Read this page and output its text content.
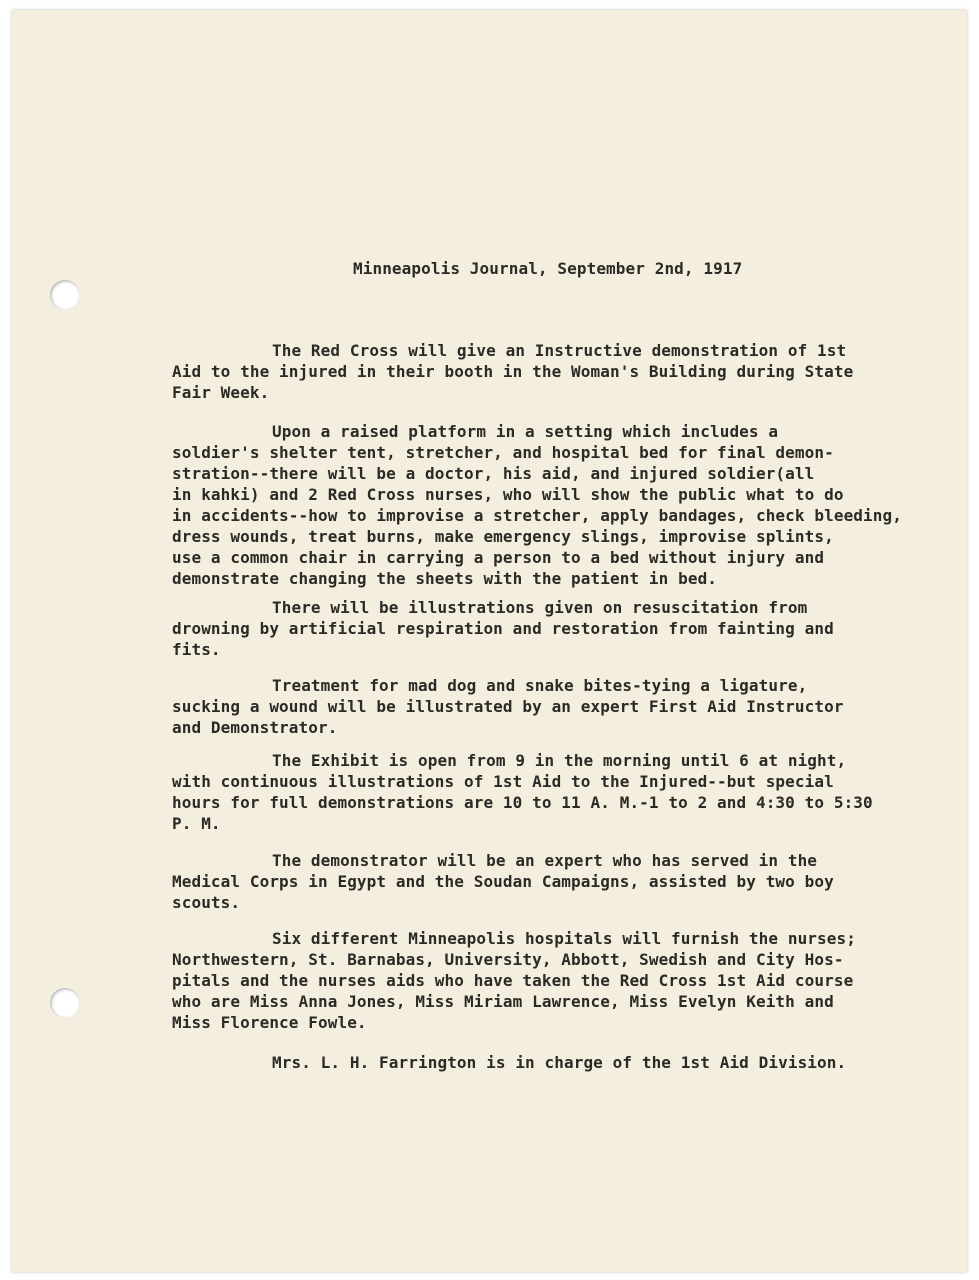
Minneapolis Journal, September 2nd, 1917
The Red Cross will give an Instructive demonstration of 1st
Aid to the injured in their booth in the Woman's Building during State
Fair Week.
Upon a raised platform in a setting which includes a
soldier's shelter tent, stretcher, and hospital bed for final demon-
stration--there will be a doctor, his aid, and injured soldier(all
in kahki) and 2 Red Cross nurses, who will show the public what to do
in accidents--how to improvise a stretcher, apply bandages, check bleeding,
dress wounds, treat burns, make emergency slings, improvise splints,
use a common chair in carrying a person to a bed without injury and
demonstrate changing the sheets with the patient in bed.
There will be illustrations given on resuscitation from
drowning by artificial respiration and restoration from fainting and
fits.
Treatment for mad dog and snake bites-tying a ligature,
sucking a wound will be illustrated by an expert First Aid Instructor
and Demonstrator.
The Exhibit is open from 9 in the morning until 6 at night,
with continuous illustrations of 1st Aid to the Injured--but special
hours for full demonstrations are 10 to 11 A. M.-1 to 2 and 4:30 to 5:30
P. M.
The demonstrator will be an expert who has served in the
Medical Corps in Egypt and the Soudan Campaigns, assisted by two boy
scouts.
Six different Minneapolis hospitals will furnish the nurses;
Northwestern, St. Barnabas, University, Abbott, Swedish and City Hos-
pitals and the nurses aids who have taken the Red Cross 1st Aid course
who are Miss Anna Jones, Miss Miriam Lawrence, Miss Evelyn Keith and
Miss Florence Fowle.
Mrs. L. H. Farrington is in charge of the 1st Aid Division.
